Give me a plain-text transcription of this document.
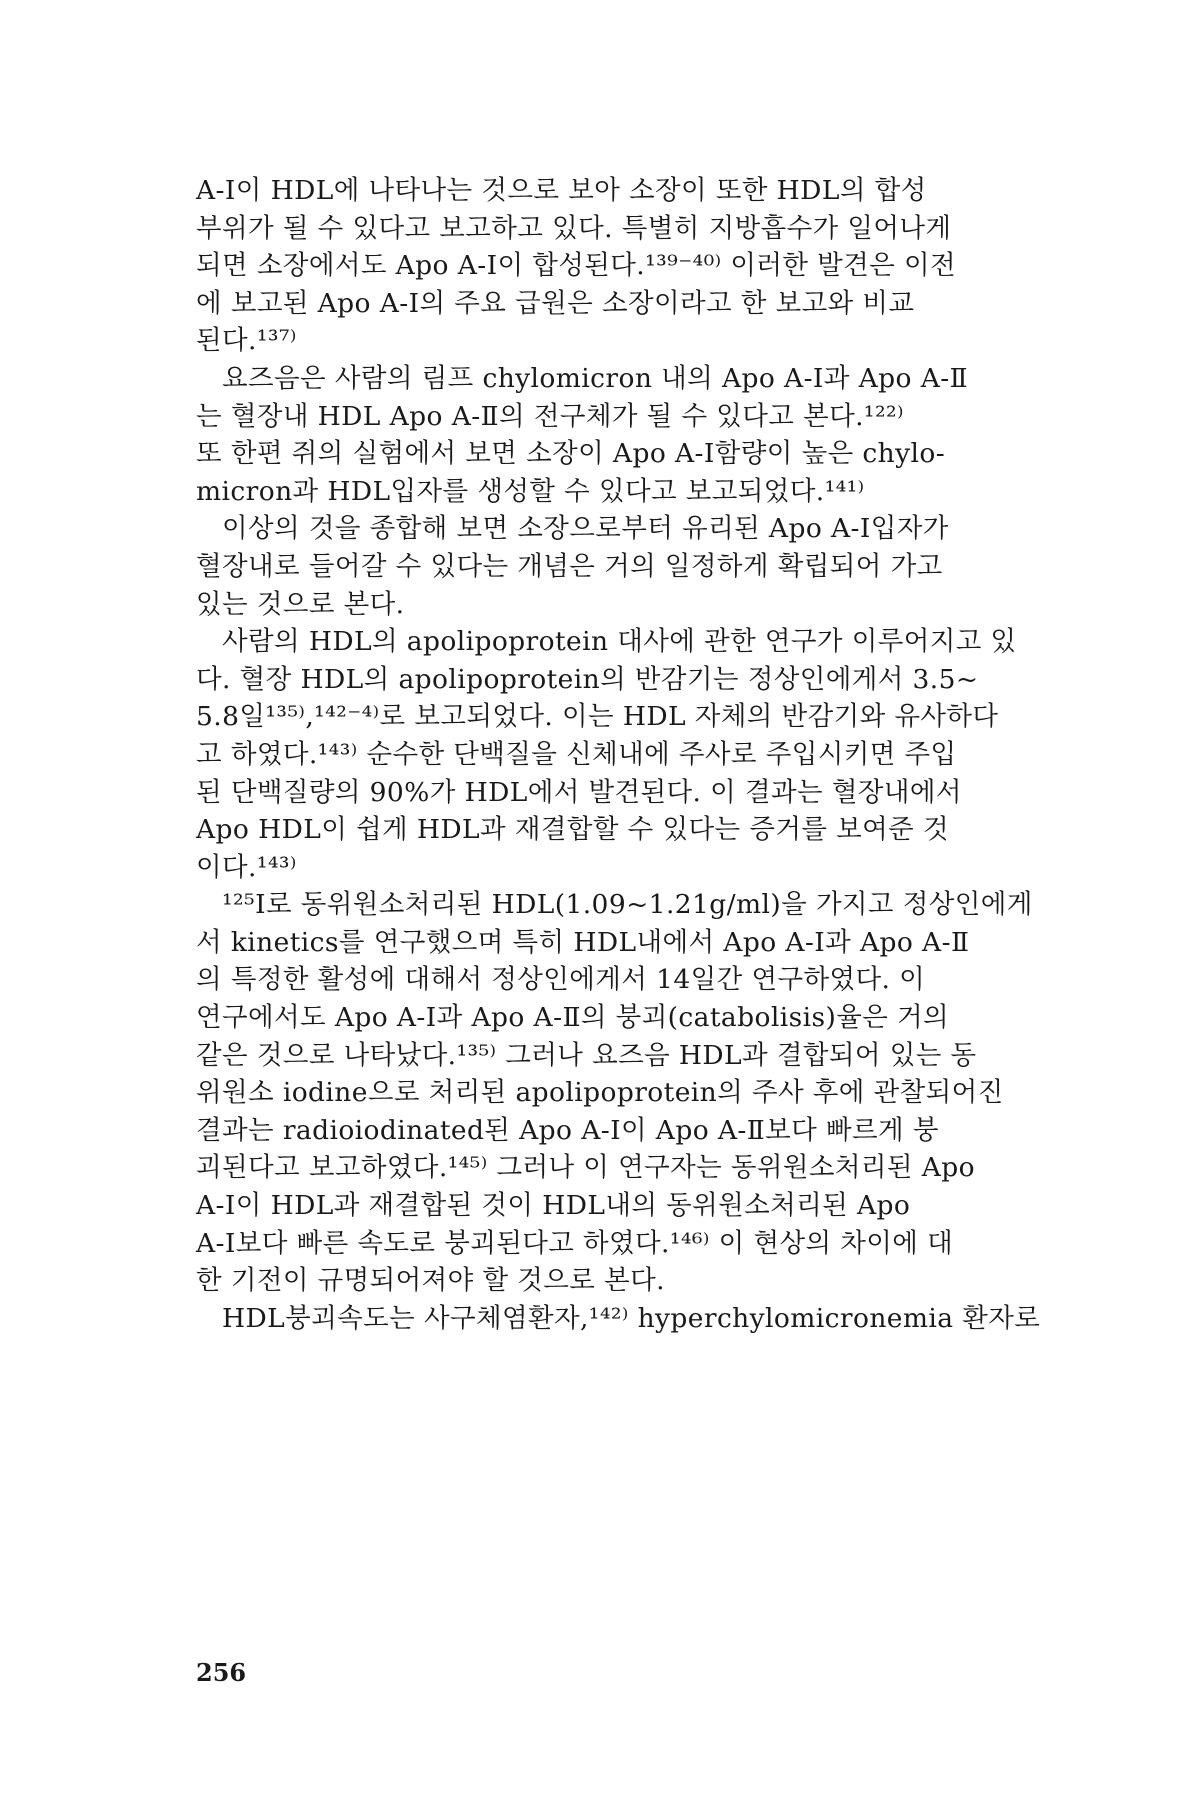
A-Ⅰ이 HDL에 나타나는 것으로 보아 소장이 또한 HDL의 합성
부위가 될 수 있다고 보고하고 있다. 특별히 지방흡수가 일어나게
되면 소장에서도 Apo A-Ⅰ이 합성된다.¹³⁹⁻⁴⁰⁾ 이러한 발견은 이전
에 보고된 Apo A-Ⅰ의 주요 급원은 소장이라고 한 보고와 비교
된다.¹³⁷⁾
요즈음은 사람의 림프 chylomicron 내의 Apo A-Ⅰ과 Apo A-Ⅱ
는 혈장내 HDL Apo A-Ⅱ의 전구체가 될 수 있다고 본다.¹²²⁾
또 한편 쥐의 실험에서 보면 소장이 Apo A-Ⅰ함량이 높은 chylo-
micron과 HDL입자를 생성할 수 있다고 보고되었다.¹⁴¹⁾
이상의 것을 종합해 보면 소장으로부터 유리된 Apo A-Ⅰ입자가
혈장내로 들어갈 수 있다는 개념은 거의 일정하게 확립되어 가고
있는 것으로 본다.
사람의 HDL의 apolipoprotein 대사에 관한 연구가 이루어지고 있
다. 혈장 HDL의 apolipoprotein의 반감기는 정상인에게서 3.5~
5.8일¹³⁵⁾,¹⁴²⁻⁴⁾로 보고되었다. 이는 HDL 자체의 반감기와 유사하다
고 하였다.¹⁴³⁾ 순수한 단백질을 신체내에 주사로 주입시키면 주입
된 단백질량의 90%가 HDL에서 발견된다. 이 결과는 혈장내에서
Apo HDL이 쉽게 HDL과 재결합할 수 있다는 증거를 보여준 것
이다.¹⁴³⁾
¹²⁵I로 동위원소처리된 HDL(1.09~1.21g/ml)을 가지고 정상인에게
서 kinetics를 연구했으며 특히 HDL내에서 Apo A-Ⅰ과 Apo A-Ⅱ
의 특정한 활성에 대해서 정상인에게서 14일간 연구하였다. 이
연구에서도 Apo A-Ⅰ과 Apo A-Ⅱ의 붕괴(catabolisis)율은 거의
같은 것으로 나타났다.¹³⁵⁾ 그러나 요즈음 HDL과 결합되어 있는 동
위원소 iodine으로 처리된 apolipoprotein의 주사 후에 관찰되어진
결과는 radioiodinated된 Apo A-Ⅰ이 Apo A-Ⅱ보다 빠르게 붕
괴된다고 보고하였다.¹⁴⁵⁾ 그러나 이 연구자는 동위원소처리된 Apo
A-Ⅰ이 HDL과 재결합된 것이 HDL내의 동위원소처리된 Apo
A-Ⅰ보다 빠른 속도로 붕괴된다고 하였다.¹⁴⁶⁾ 이 현상의 차이에 대
한 기전이 규명되어져야 할 것으로 본다.
HDL붕괴속도는 사구체염환자,¹⁴²⁾ hyperchylomicronemia 환자로
256
